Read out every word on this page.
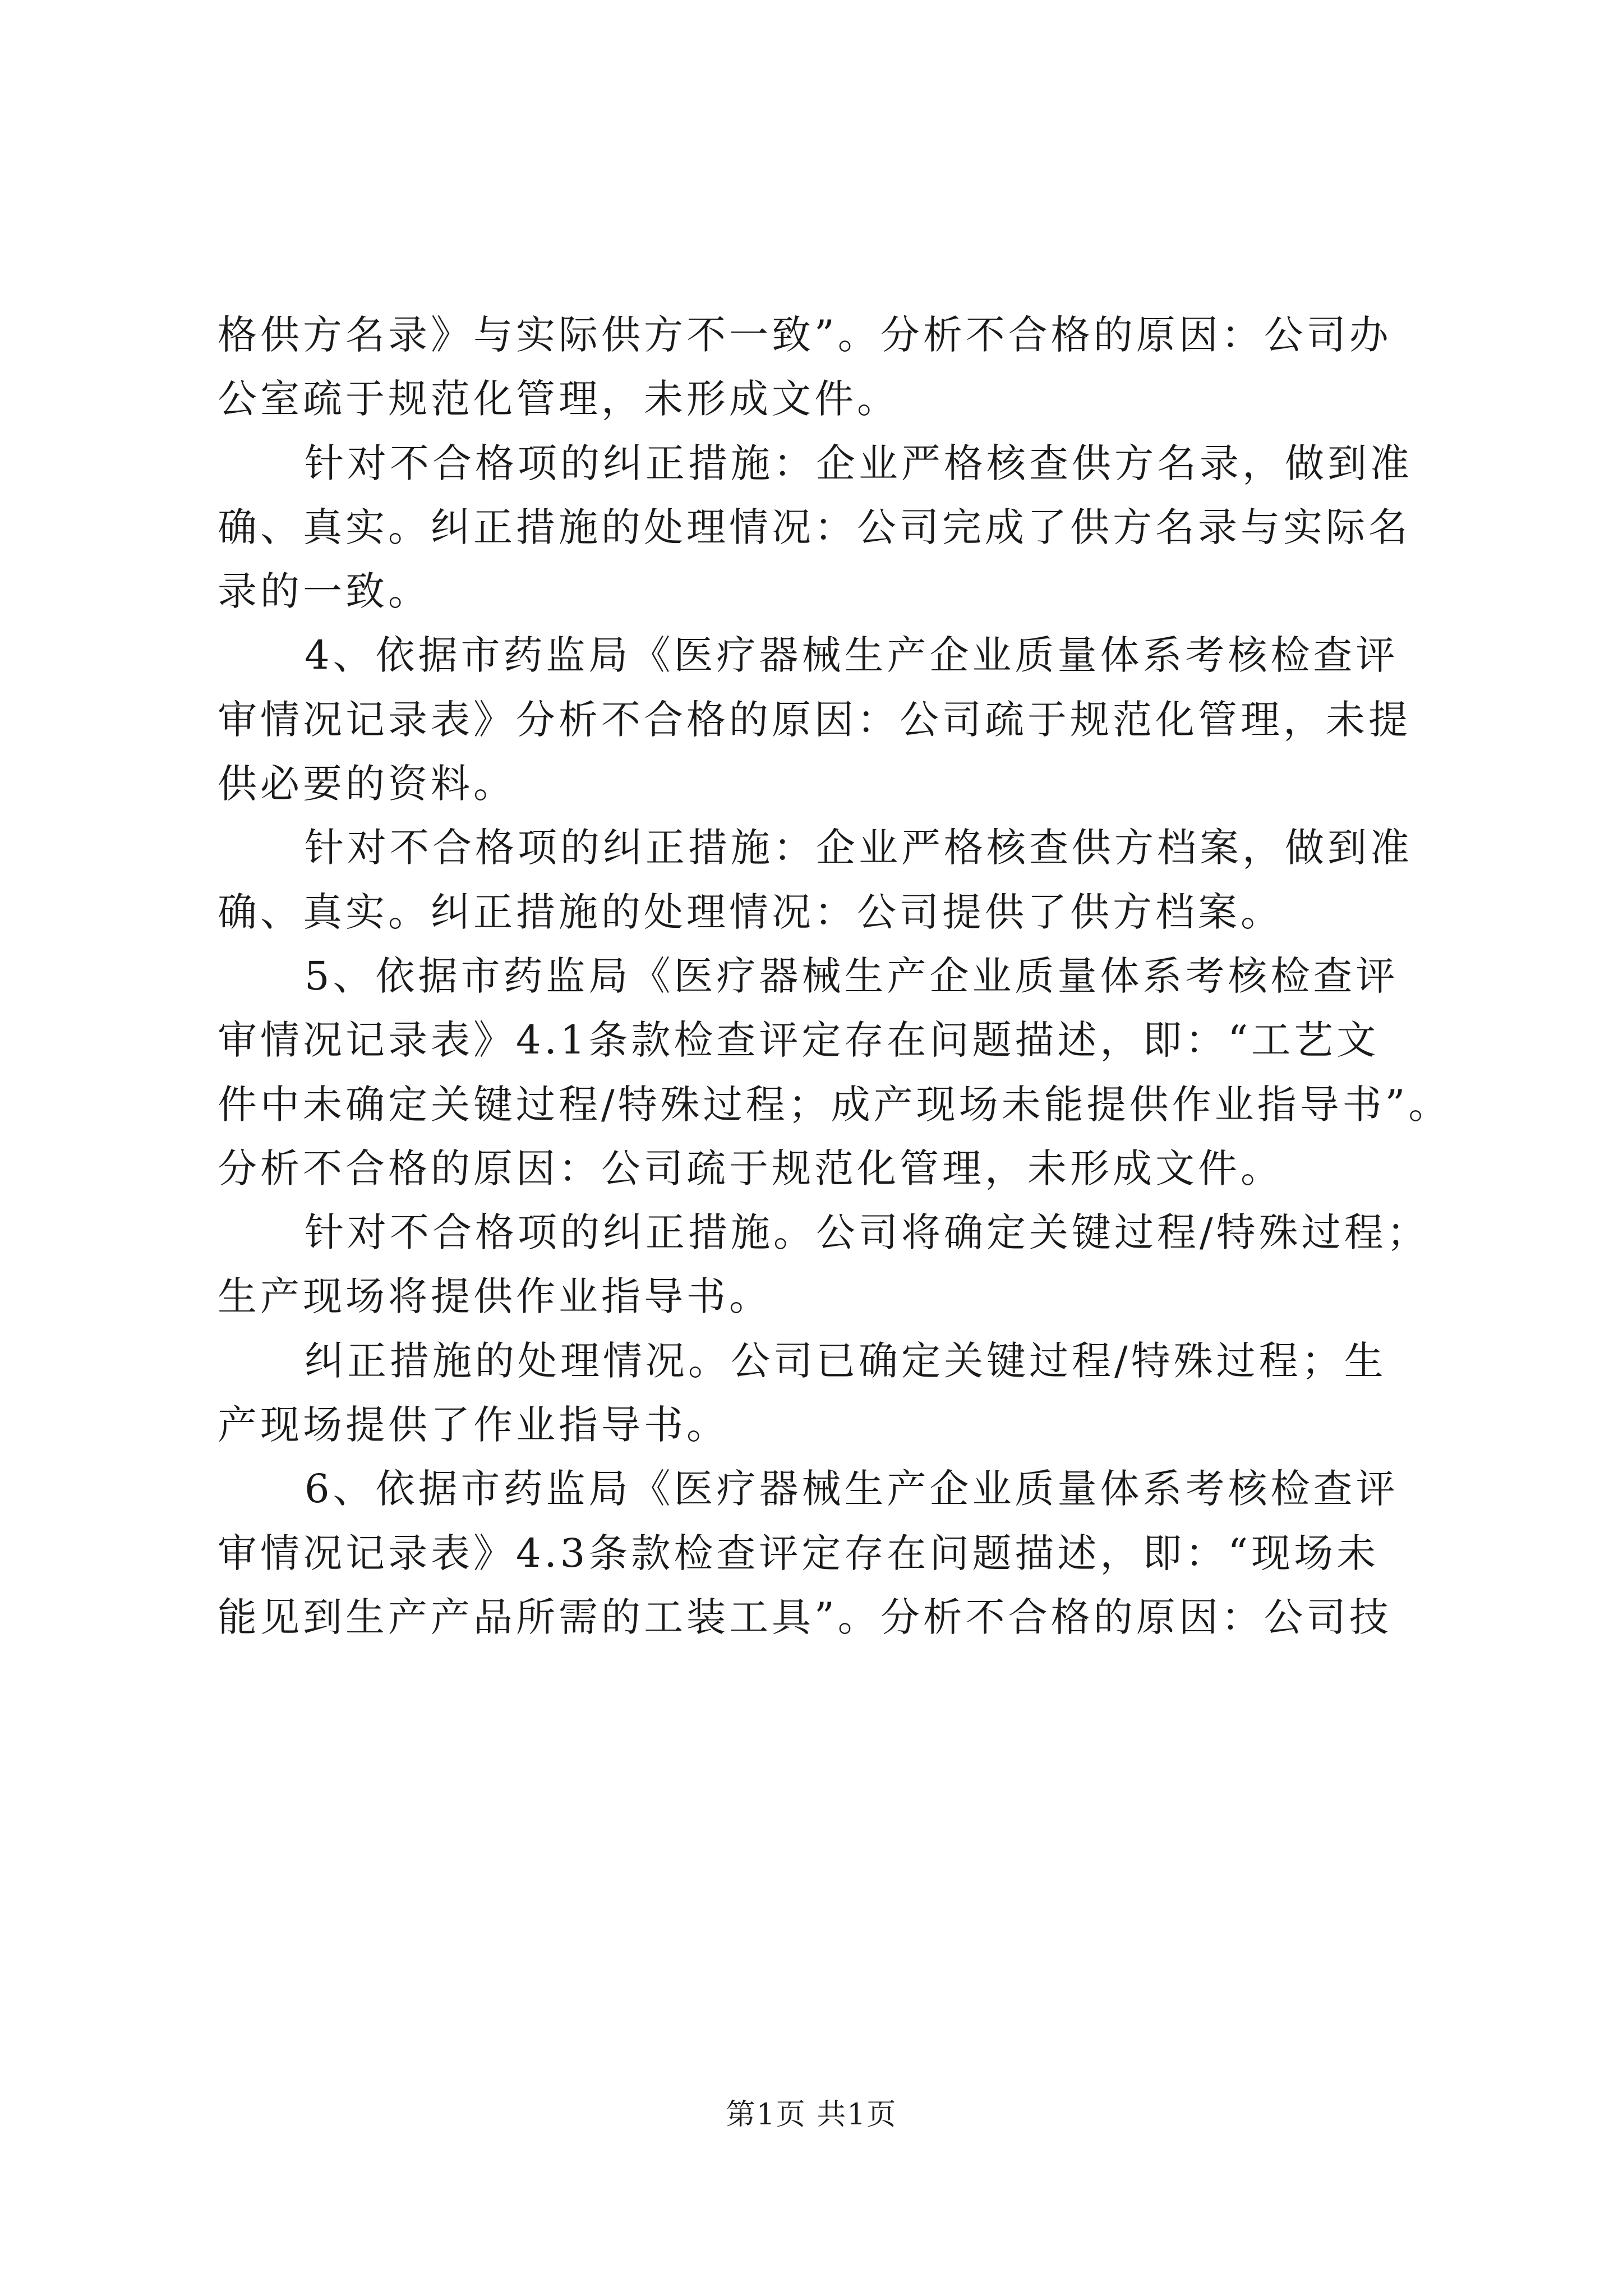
格供方名录》与实际供方不一致”。分析不合格的原因：公司办
公室疏于规范化管理，未形成文件。
针对不合格项的纠正措施：企业严格核查供方名录，做到准
确、真实。纠正措施的处理情况：公司完成了供方名录与实际名
录的一致。
4、依据市药监局《医疗器械生产企业质量体系考核检查评
审情况记录表》分析不合格的原因：公司疏于规范化管理，未提
供必要的资料。
针对不合格项的纠正措施：企业严格核查供方档案，做到准
确、真实。纠正措施的处理情况：公司提供了供方档案。
5、依据市药监局《医疗器械生产企业质量体系考核检查评
审情况记录表》4.1条款检查评定存在问题描述，即：“工艺文
件中未确定关键过程/特殊过程；成产现场未能提供作业指导书”。
分析不合格的原因：公司疏于规范化管理，未形成文件。
针对不合格项的纠正措施。公司将确定关键过程/特殊过程；
生产现场将提供作业指导书。
纠正措施的处理情况。公司已确定关键过程/特殊过程；生
产现场提供了作业指导书。
6、依据市药监局《医疗器械生产企业质量体系考核检查评
审情况记录表》4.3条款检查评定存在问题描述，即：“现场未
能见到生产产品所需的工装工具”。分析不合格的原因：公司技
第1页 共1页
